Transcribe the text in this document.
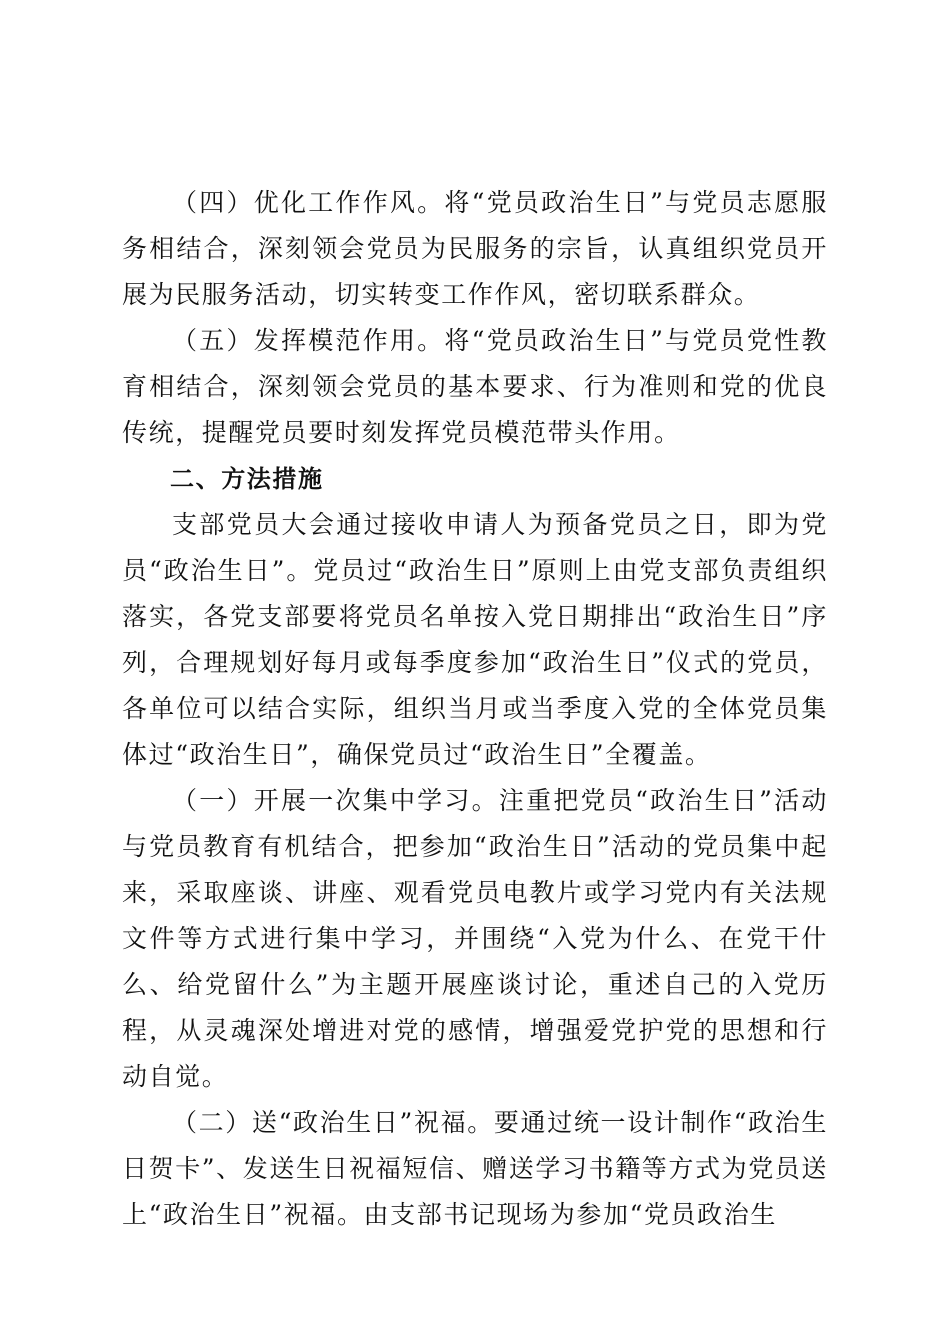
（四）优化工作作风。将“党员政治生日”与党员志愿服务相结合，深刻领会党员为民服务的宗旨，认真组织党员开展为民服务活动，切实转变工作作风，密切联系群众。

（五）发挥模范作用。将“党员政治生日”与党员党性教育相结合，深刻领会党员的基本要求、行为准则和党的优良传统，提醒党员要时刻发挥党员模范带头作用。

二、方法措施

支部党员大会通过接收申请人为预备党员之日，即为党员“政治生日”。党员过“政治生日”原则上由党支部负责组织落实，各党支部要将党员名单按入党日期排出“政治生日”序列，合理规划好每月或每季度参加“政治生日”仪式的党员，各单位可以结合实际，组织当月或当季度入党的全体党员集体过“政治生日”，确保党员过“政治生日”全覆盖。

（一）开展一次集中学习。注重把党员“政治生日”活动与党员教育有机结合，把参加“政治生日”活动的党员集中起来，采取座谈、讲座、观看党员电教片或学习党内有关法规文件等方式进行集中学习，并围绕“入党为什么、在党干什么、给党留什么”为主题开展座谈讨论，重述自己的入党历程，从灵魂深处增进对党的感情，增强爱党护党的思想和行动自觉。

（二）送“政治生日”祝福。要通过统一设计制作“政治生日贺卡”、发送生日祝福短信、赠送学习书籍等方式为党员送上“政治生日”祝福。由支部书记现场为参加“党员政治生
